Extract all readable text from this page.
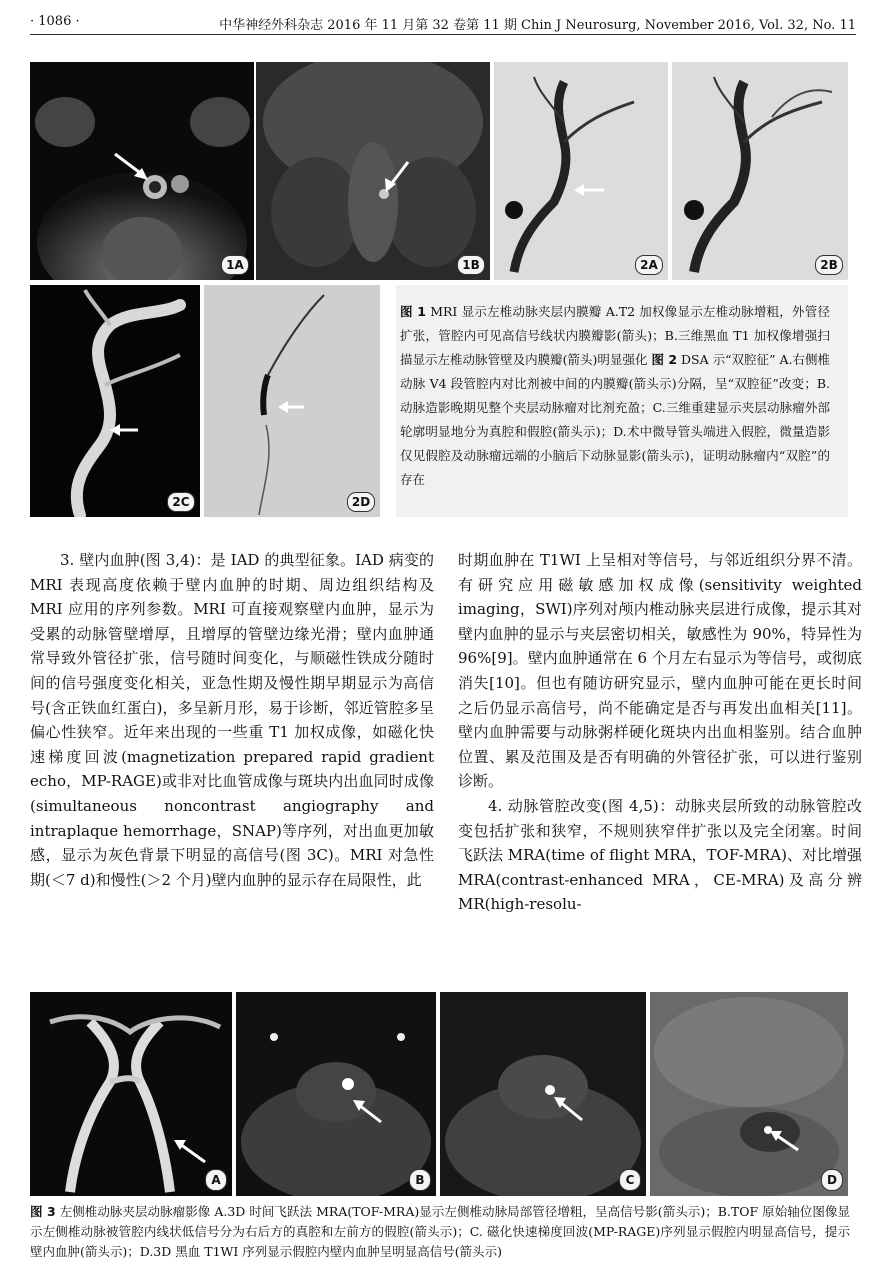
· 1086 ·	中华神经外科杂志 2016 年 11 月第 32 卷第 11 期 Chin J Neurosurg, November 2016, Vol. 32, No. 11
1A	1B	2A	2B
2C	2D
图 1 MRI 显示左椎动脉夹层内膜瓣 A.T2 加权像显示左椎动脉增粗，外管径扩张，管腔内可见高信号线状内膜瓣影(箭头)；B.三维黑血 T1 加权像增强扫描显示左椎动脉管壁及内膜瓣(箭头)明显强化 图 2 DSA 示“双腔征” A.右侧椎动脉 V4 段管腔内对比剂被中间的内膜瓣(箭头示)分隔，呈“双腔征”改变；B.动脉造影晚期见整个夹层动脉瘤对比剂充盈；C.三维重建显示夹层动脉瘤外部轮廓明显地分为真腔和假腔(箭头示)；D.术中微导管头端进入假腔，微量造影仅见假腔及动脉瘤远端的小脑后下动脉显影(箭头示)，证明动脉瘤内“双腔”的存在

3. 壁内血肿(图 3,4)：是 IAD 的典型征象。IAD 病变的 MRI 表现高度依赖于壁内血肿的时期、周边组织结构及 MRI 应用的序列参数。MRI 可直接观察壁内血肿，显示为受累的动脉管壁增厚，且增厚的管壁边缘光滑；壁内血肿通常导致外管径扩张，信号随时间变化，与顺磁性铁成分随时间的信号强度变化相关，亚急性期及慢性期早期显示为高信号(含正铁血红蛋白)，多呈新月形，易于诊断，邻近管腔多呈偏心性狭窄。近年来出现的一些重 T1 加权成像，如磁化快速梯度回波(magnetization prepared rapid gradient echo，MP-RAGE)或非对比血管成像与斑块内出血同时成像(simultaneous noncontrast angiography and intraplaque hemorrhage，SNAP)等序列，对出血更加敏感，显示为灰色背景下明显的高信号(图 3C)。MRI 对急性期(＜7 d)和慢性(＞2 个月)壁内血肿的显示存在局限性，此

时期血肿在 T1WI 上呈相对等信号，与邻近组织分界不清。有研究应用磁敏感加权成像(sensitivity weighted imaging，SWI)序列对颅内椎动脉夹层进行成像，提示其对壁内血肿的显示与夹层密切相关，敏感性为 90%，特异性为 96%[9]。壁内血肿通常在 6 个月左右显示为等信号，或彻底消失[10]。但也有随访研究显示，壁内血肿可能在更长时间之后仍显示高信号，尚不能确定是否与再发出血相关[11]。壁内血肿需要与动脉粥样硬化斑块内出血相鉴别。结合血肿位置、累及范围及是否有明确的外管径扩张，可以进行鉴别诊断。

4. 动脉管腔改变(图 4,5)：动脉夹层所致的动脉管腔改变包括扩张和狭窄，不规则狭窄伴扩张以及完全闭塞。时间飞跃法 MRA(time of flight MRA，TOF-MRA)、对比增强 MRA(contrast-enhanced MRA，CE-MRA)及高分辨 MR(high-resolu-

A	B	C	D
图 3 左侧椎动脉夹层动脉瘤影像 A.3D 时间飞跃法 MRA(TOF-MRA)显示左侧椎动脉局部管径增粗，呈高信号影(箭头示)；B.TOF 原始轴位图像显示左侧椎动脉被管腔内线状低信号分为右后方的真腔和左前方的假腔(箭头示)；C. 磁化快速梯度回波(MP-RAGE)序列显示假腔内明显高信号，提示壁内血肿(箭头示)；D.3D 黑血 T1WI 序列显示假腔内壁内血肿呈明显高信号(箭头示)
